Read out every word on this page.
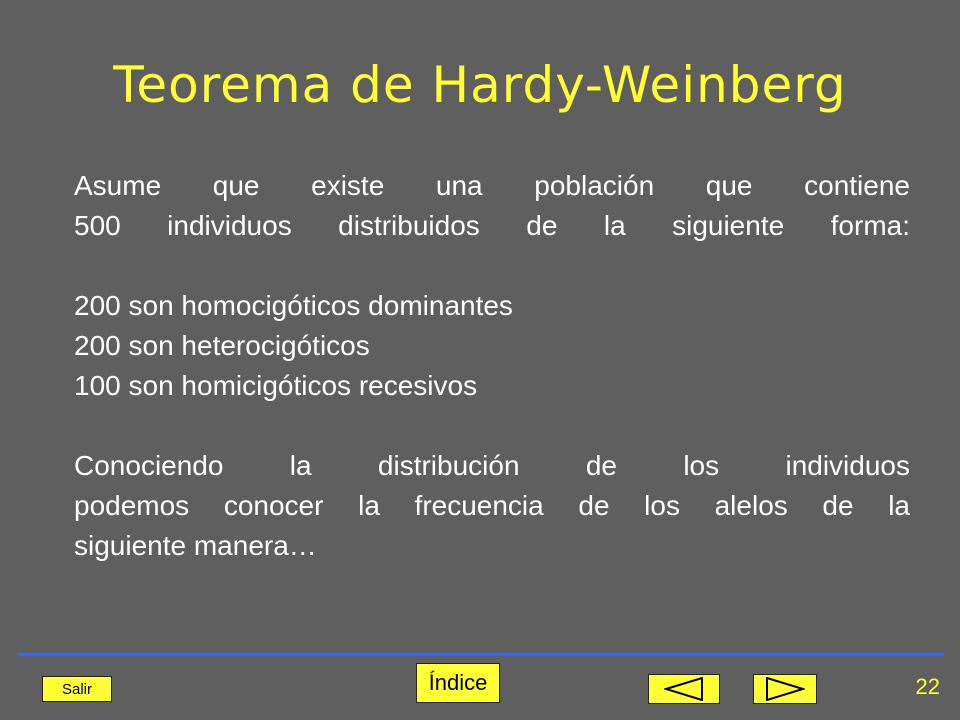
Teorema de Hardy-Weinberg
Asume que existe una población que contiene
500 individuos distribuidos de la siguiente forma:
200 son homocigóticos dominantes
200 son heterocigóticos
100 son homicigóticos recesivos
Conociendo la distribución de los individuos
podemos conocer la frecuencia de los alelos de la
siguiente manera…
Salir	Índice	22
